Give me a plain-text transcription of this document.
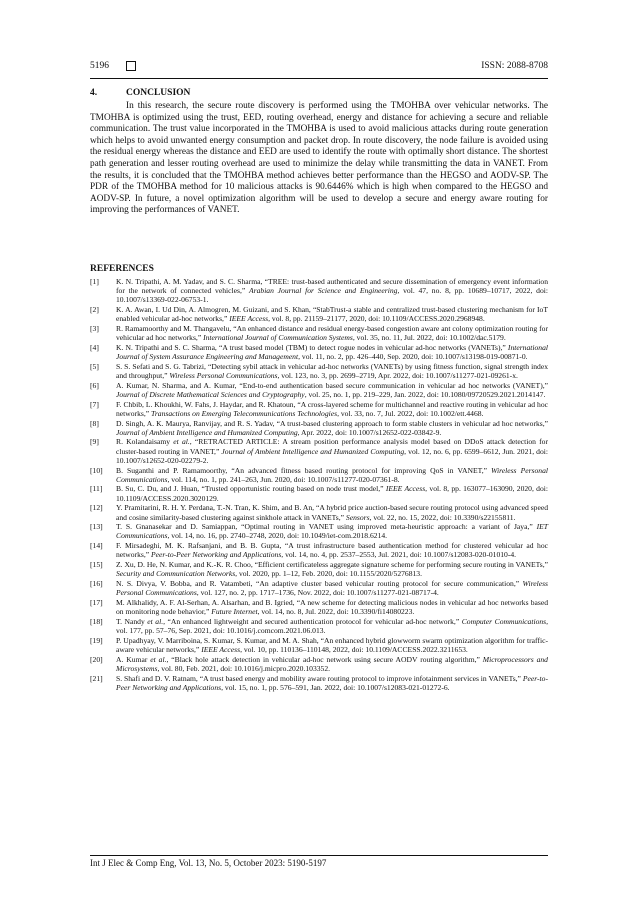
5196	ISSN: 2088-8708
4.	CONCLUSION

In this research, the secure route discovery is performed using the TMOHBA over vehicular networks. The TMOHBA is optimized using the trust, EED, routing overhead, energy and distance for achieving a secure and reliable communication. The trust value incorporated in the TMOHBA is used to avoid malicious attacks during route generation which helps to avoid unwanted energy consumption and packet drop. In route discovery, the node failure is avoided using the residual energy whereas the distance and EED are used to identify the route with optimally short distance. The shortest path generation and lesser routing overhead are used to minimize the delay while transmitting the data in VANET. From the results, it is concluded that the TMOHBA method achieves better performance than the HEGSO and AODV-SP. The PDR of the TMOHBA method for 10 malicious attacks is 90.6446% which is high when compared to the HEGSO and AODV-SP. In future, a novel optimization algorithm will be used to develop a secure and energy aware routing for improving the performances of VANET.

REFERENCES
[1]	K. N. Tripathi, A. M. Yadav, and S. C. Sharma, “TREE: trust-based authenticated and secure dissemination of emergency event information for the network of connected vehicles,” Arabian Journal for Science and Engineering, vol. 47, no. 8, pp. 10689–10717, 2022, doi: 10.1007/s13369-022-06753-1.
[2]	K. A. Awan, I. Ud Din, A. Almogren, M. Guizani, and S. Khan, “StabTrust-a stable and centralized trust-based clustering mechanism for IoT enabled vehicular ad-hoc networks,” IEEE Access, vol. 8, pp. 21159–21177, 2020, doi: 10.1109/ACCESS.2020.2968948.
[3]	R. Ramamoorthy and M. Thangavelu, “An enhanced distance and residual energy-based congestion aware ant colony optimization routing for vehicular ad hoc networks,” International Journal of Communication Systems, vol. 35, no. 11, Jul. 2022, doi: 10.1002/dac.5179.
[4]	K. N. Tripathi and S. C. Sharma, “A trust based model (TBM) to detect rogue nodes in vehicular ad-hoc networks (VANETs),” International Journal of System Assurance Engineering and Management, vol. 11, no. 2, pp. 426–440, Sep. 2020, doi: 10.1007/s13198-019-00871-0.
[5]	S. S. Sefati and S. G. Tabrizi, “Detecting sybil attack in vehicular ad-hoc networks (VANETs) by using fitness function, signal strength index and throughput,” Wireless Personal Communications, vol. 123, no. 3, pp. 2699–2719, Apr. 2022, doi: 10.1007/s11277-021-09261-x.
[6]	A. Kumar, N. Sharma, and A. Kumar, “End-to-end authentication based secure communication in vehicular ad hoc networks (VANET),” Journal of Discrete Mathematical Sciences and Cryptography, vol. 25, no. 1, pp. 219–229, Jan. 2022, doi: 10.1080/09720529.2021.2014147.
[7]	F. Chbib, L. Khoukhi, W. Fahs, J. Haydar, and R. Khatoun, “A cross-layered scheme for multichannel and reactive routing in vehicular ad hoc networks,” Transactions on Emerging Telecommunications Technologies, vol. 33, no. 7, Jul. 2022, doi: 10.1002/ett.4468.
[8]	D. Singh, A. K. Maurya, Ranvijay, and R. S. Yadav, “A trust-based clustering approach to form stable clusters in vehicular ad hoc networks,” Journal of Ambient Intelligence and Humanized Computing, Apr. 2022, doi: 10.1007/s12652-022-03842-9.
[9]	R. Kolandaisamy et al., “RETRACTED ARTICLE: A stream position performance analysis model based on DDoS attack detection for cluster-based routing in VANET,” Journal of Ambient Intelligence and Humanized Computing, vol. 12, no. 6, pp. 6599–6612, Jun. 2021, doi: 10.1007/s12652-020-02279-2.
[10]	B. Suganthi and P. Ramamoorthy, “An advanced fitness based routing protocol for improving QoS in VANET,” Wireless Personal Communications, vol. 114, no. 1, pp. 241–263, Jun. 2020, doi: 10.1007/s11277-020-07361-8.
[11]	B. Su, C. Du, and J. Huan, “Trusted opportunistic routing based on node trust model,” IEEE Access, vol. 8, pp. 163077–163090, 2020, doi: 10.1109/ACCESS.2020.3020129.
[12]	Y. Pramitarini, R. H. Y. Perdana, T.-N. Tran, K. Shim, and B. An, “A hybrid price auction-based secure routing protocol using advanced speed and cosine similarity-based clustering against sinkhole attack in VANETs,” Sensors, vol. 22, no. 15, 2022, doi: 10.3390/s22155811.
[13]	T. S. Gnanasekar and D. Samiappan, “Optimal routing in VANET using improved meta-heuristic approach: a variant of Jaya,” IET Communications, vol. 14, no. 16, pp. 2740–2748, 2020, doi: 10.1049/iet-com.2018.6214.
[14]	F. Mirsadeghi, M. K. Rafsanjani, and B. B. Gupta, “A trust infrastructure based authentication method for clustered vehicular ad hoc networks,” Peer-to-Peer Networking and Applications, vol. 14, no. 4, pp. 2537–2553, Jul. 2021, doi: 10.1007/s12083-020-01010-4.
[15]	Z. Xu, D. He, N. Kumar, and K.-K. R. Choo, “Efficient certificateless aggregate signature scheme for performing secure routing in VANETs,” Security and Communication Networks, vol. 2020, pp. 1–12, Feb. 2020, doi: 10.1155/2020/5276813.
[16]	N. S. Divya, V. Bobba, and R. Vatambeti, “An adaptive cluster based vehicular routing protocol for secure communication,” Wireless Personal Communications, vol. 127, no. 2, pp. 1717–1736, Nov. 2022, doi: 10.1007/s11277-021-08717-4.
[17]	M. Alkhalidy, A. F. Al-Serhan, A. Alsarhan, and B. Igried, “A new scheme for detecting malicious nodes in vehicular ad hoc networks based on monitoring node behavior,” Future Internet, vol. 14, no. 8, Jul. 2022, doi: 10.3390/fi14080223.
[18]	T. Nandy et al., “An enhanced lightweight and secured authentication protocol for vehicular ad-hoc network,” Computer Communications, vol. 177, pp. 57–76, Sep. 2021, doi: 10.1016/j.comcom.2021.06.013.
[19]	P. Upadhyay, V. Marriboina, S. Kumar, S. Kumar, and M. A. Shah, “An enhanced hybrid glowworm swarm optimization algorithm for traffic-aware vehicular networks,” IEEE Access, vol. 10, pp. 110136–110148, 2022, doi: 10.1109/ACCESS.2022.3211653.
[20]	A. Kumar et al., “Black hole attack detection in vehicular ad-hoc network using secure AODV routing algorithm,” Microprocessors and Microsystems, vol. 80, Feb. 2021, doi: 10.1016/j.micpro.2020.103352.
[21]	S. Shafi and D. V. Ratnam, “A trust based energy and mobility aware routing protocol to improve infotainment services in VANETs,” Peer-to-Peer Networking and Applications, vol. 15, no. 1, pp. 576–591, Jan. 2022, doi: 10.1007/s12083-021-01272-6.
Int J Elec & Comp Eng, Vol. 13, No. 5, October 2023: 5190-5197
